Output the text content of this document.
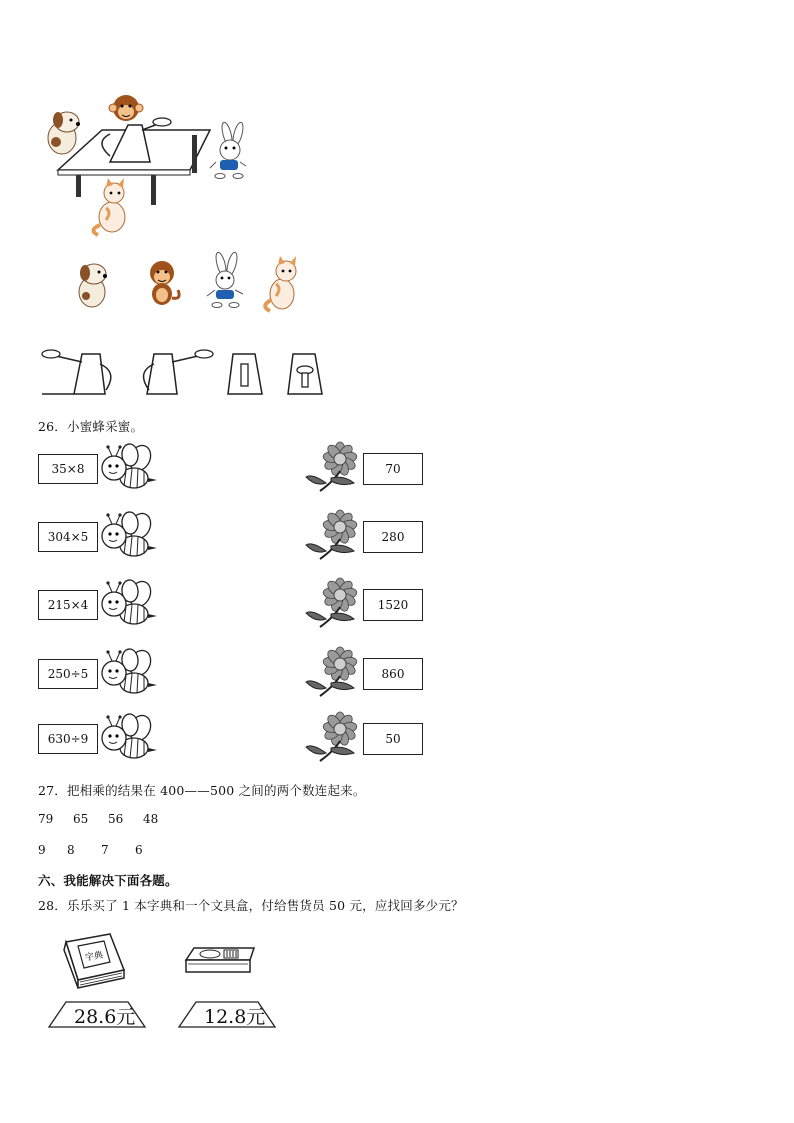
26．小蜜蜂采蜜。
35×8	70
304×5	280
215×4	1520
250÷5	860
630÷9	50
27．把相乘的结果在 400——500 之间的两个数连起来。
79 65 56 48
9 8 7 6
六、我能解决下面各题。
28．乐乐买了 1 本字典和一个文具盒，付给售货员 50 元，应找回多少元？
字典
28.6元	12.8元
